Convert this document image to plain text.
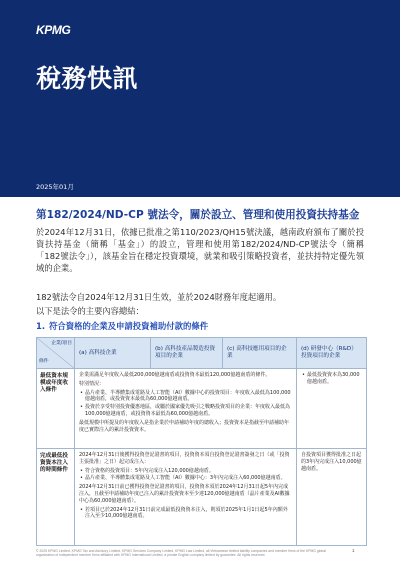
KPMG
稅務快訊
2025年01月
第182/2024/ND-CP 號法令，關於設立、管理和使用投資扶持基金

於2024年12月31日，依據已批准之第110/2023/QH15號決議，越南政府頒布了關於投資扶持基金（簡稱「基金」）的設立，管理和使用第182/2024/ND-CP號法令（簡稱「182號法令」），該基金旨在穩定投資環境，就業和吸引策略投資者，並扶持特定優先領域的企業。

182號法令自2024年12月31日生效，並於2024財務年度起適用。

以下是法令的主要內容總結：

1. 符合資格的企業及申請投資補助付款的條件
企業/項目
條件
(a) 高科技企業
(b) 高科技產品製造投資項目的企業
(c) 高科技應用項目的企業
(d) 研發中心（R&D）投資項目的企業
最低資本規模或年度收入條件

企業需滿足年度收入最低200,000億越南盾或投資資本最低120,000億越南盾的條件。

特別情況：

• 晶片產業、半導體集成電路及人工智能（AI）數據中心的投資項目：年度收入最低為100,000億越南盾，或投資資本最低為60,000億越南盾。
• 投資於享受特別投資優惠地區，或屬於國家優先吸引之戰略投資項目的企業：年度收入最低為100,000億越南盾，或投資資本最低為60,000億越南盾。

最低規模中所提及的年度收入是指企業於申請補助年度的總收入；投資資本是指截至申請補助年度已實際注入的累計投資資本。

• 最低投資資本為30,000億越南盾。
完成最低投資資本注入的時間條件

2024年12月31日後獲得投資登記證書的項目，投資資本須自投資登記證書簽發之日（或「投資主張批准」之日）起完成注入：

• 符合資格的投資項目：5年內完成注入120,000億越南盾。
• 晶片產業、半導體集成電路及人工智能（AI）數據中心：3年內完成注入60,000億越南盾。

2024年12月31日前已獲得投資登記證書的項目，投資資本須於2024年12月31日起5年內完成注入，且截至申請補助年度已注入的累計投資資本至少達120,000億越南盾（晶片產業及AI數據中心為60,000億越南盾）。

• 若項目已於2024年12月31日前完成最低投資資本注入，則須於2025年1月1日起5年內額外注入至少10,000億越南盾。

自投資項目獲得批准之日起的3年內完成注入10,000億越南盾。

© 2025 KPMG Limited, KPMG Tax and Advisory Limited, KPMG Services Company Limited, KPMG Law Limited, all Vietnamese limited liability companies and member firms of the KPMG global organization of independent member firms affiliated with KPMG International Limited, a private English company limited by guarantee. All rights reserved.
1
